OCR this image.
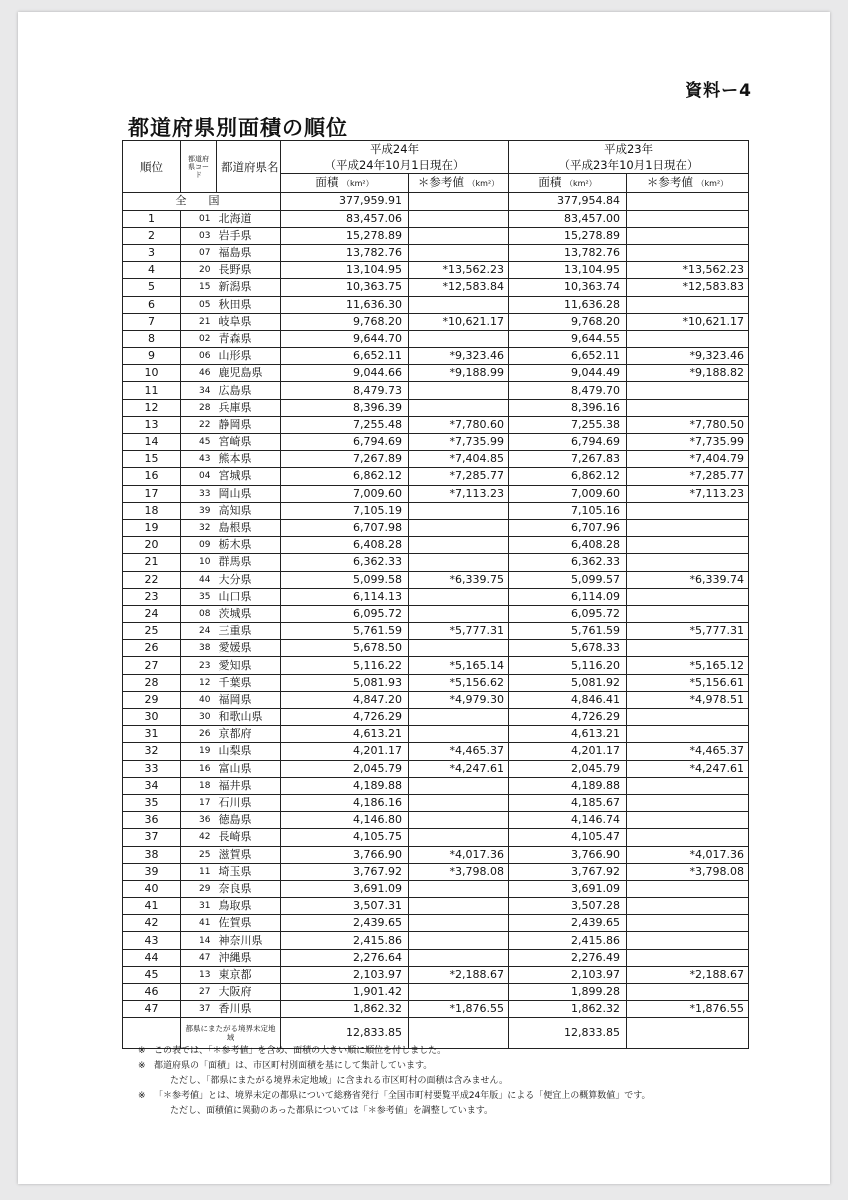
資料ー4
都道府県別面積の順位
順位	都道府県コード	都道府県名	平成24年		平成23年	
			（平成24年10月1日現在）		（平成23年10月1日現在）	
			面積 （km²）	＊参考値 （km²）	面積 （km²）	＊参考値 （km²）
全国			377,959.91		377,954.84	
1	01	北海道	83,457.06		83,457.00	
2	03	岩手県	15,278.89		15,278.89	
3	07	福島県	13,782.76		13,782.76	
4	20	長野県	13,104.95	*13,562.23	13,104.95	*13,562.23
5	15	新潟県	10,363.75	*12,583.84	10,363.74	*12,583.83
6	05	秋田県	11,636.30		11,636.28	
7	21	岐阜県	9,768.20	*10,621.17	9,768.20	*10,621.17
8	02	青森県	9,644.70		9,644.55	
9	06	山形県	6,652.11	*9,323.46	6,652.11	*9,323.46
10	46	鹿児島県	9,044.66	*9,188.99	9,044.49	*9,188.82
11	34	広島県	8,479.73		8,479.70	
12	28	兵庫県	8,396.39		8,396.16	
13	22	静岡県	7,255.48	*7,780.60	7,255.38	*7,780.50
14	45	宮崎県	6,794.69	*7,735.99	6,794.69	*7,735.99
15	43	熊本県	7,267.89	*7,404.85	7,267.83	*7,404.79
16	04	宮城県	6,862.12	*7,285.77	6,862.12	*7,285.77
17	33	岡山県	7,009.60	*7,113.23	7,009.60	*7,113.23
18	39	高知県	7,105.19		7,105.16	
19	32	島根県	6,707.98		6,707.96	
20	09	栃木県	6,408.28		6,408.28	
21	10	群馬県	6,362.33		6,362.33	
22	44	大分県	5,099.58	*6,339.75	5,099.57	*6,339.74
23	35	山口県	6,114.13		6,114.09	
24	08	茨城県	6,095.72		6,095.72	
25	24	三重県	5,761.59	*5,777.31	5,761.59	*5,777.31
26	38	愛媛県	5,678.50		5,678.33	
27	23	愛知県	5,116.22	*5,165.14	5,116.20	*5,165.12
28	12	千葉県	5,081.93	*5,156.62	5,081.92	*5,156.61
29	40	福岡県	4,847.20	*4,979.30	4,846.41	*4,978.51
30	30	和歌山県	4,726.29		4,726.29	
31	26	京都府	4,613.21		4,613.21	
32	19	山梨県	4,201.17	*4,465.37	4,201.17	*4,465.37
33	16	富山県	2,045.79	*4,247.61	2,045.79	*4,247.61
34	18	福井県	4,189.88		4,189.88	
35	17	石川県	4,186.16		4,185.67	
36	36	徳島県	4,146.80		4,146.74	
37	42	長崎県	4,105.75		4,105.47	
38	25	滋賀県	3,766.90	*4,017.36	3,766.90	*4,017.36
39	11	埼玉県	3,767.92	*3,798.08	3,767.92	*3,798.08
40	29	奈良県	3,691.09		3,691.09	
41	31	鳥取県	3,507.31		3,507.28	
42	41	佐賀県	2,439.65		2,439.65	
43	14	神奈川県	2,415.86		2,415.86	
44	47	沖縄県	2,276.64		2,276.49	
45	13	東京都	2,103.97	*2,188.67	2,103.97	*2,188.67
46	27	大阪府	1,901.42		1,899.28	
47	37	香川県	1,862.32	*1,876.55	1,862.32	*1,876.55
	都県にまたがる境界未定地域		12,833.85		12,833.85	
※ この表では、「＊参考値」を含め、面積の大きい順に順位を付しました。
※ 都道府県の「面積」は、市区町村別面積を基にして集計しています。
ただし、「都県にまたがる境界未定地域」に含まれる市区町村の面積は含みません。
※ 「＊参考値」とは、境界未定の都県について総務省発行「全国市町村要覧平成24年版」による「便宜上の概算数値」です。
ただし、面積値に異動のあった都県については「＊参考値」を調整しています。
